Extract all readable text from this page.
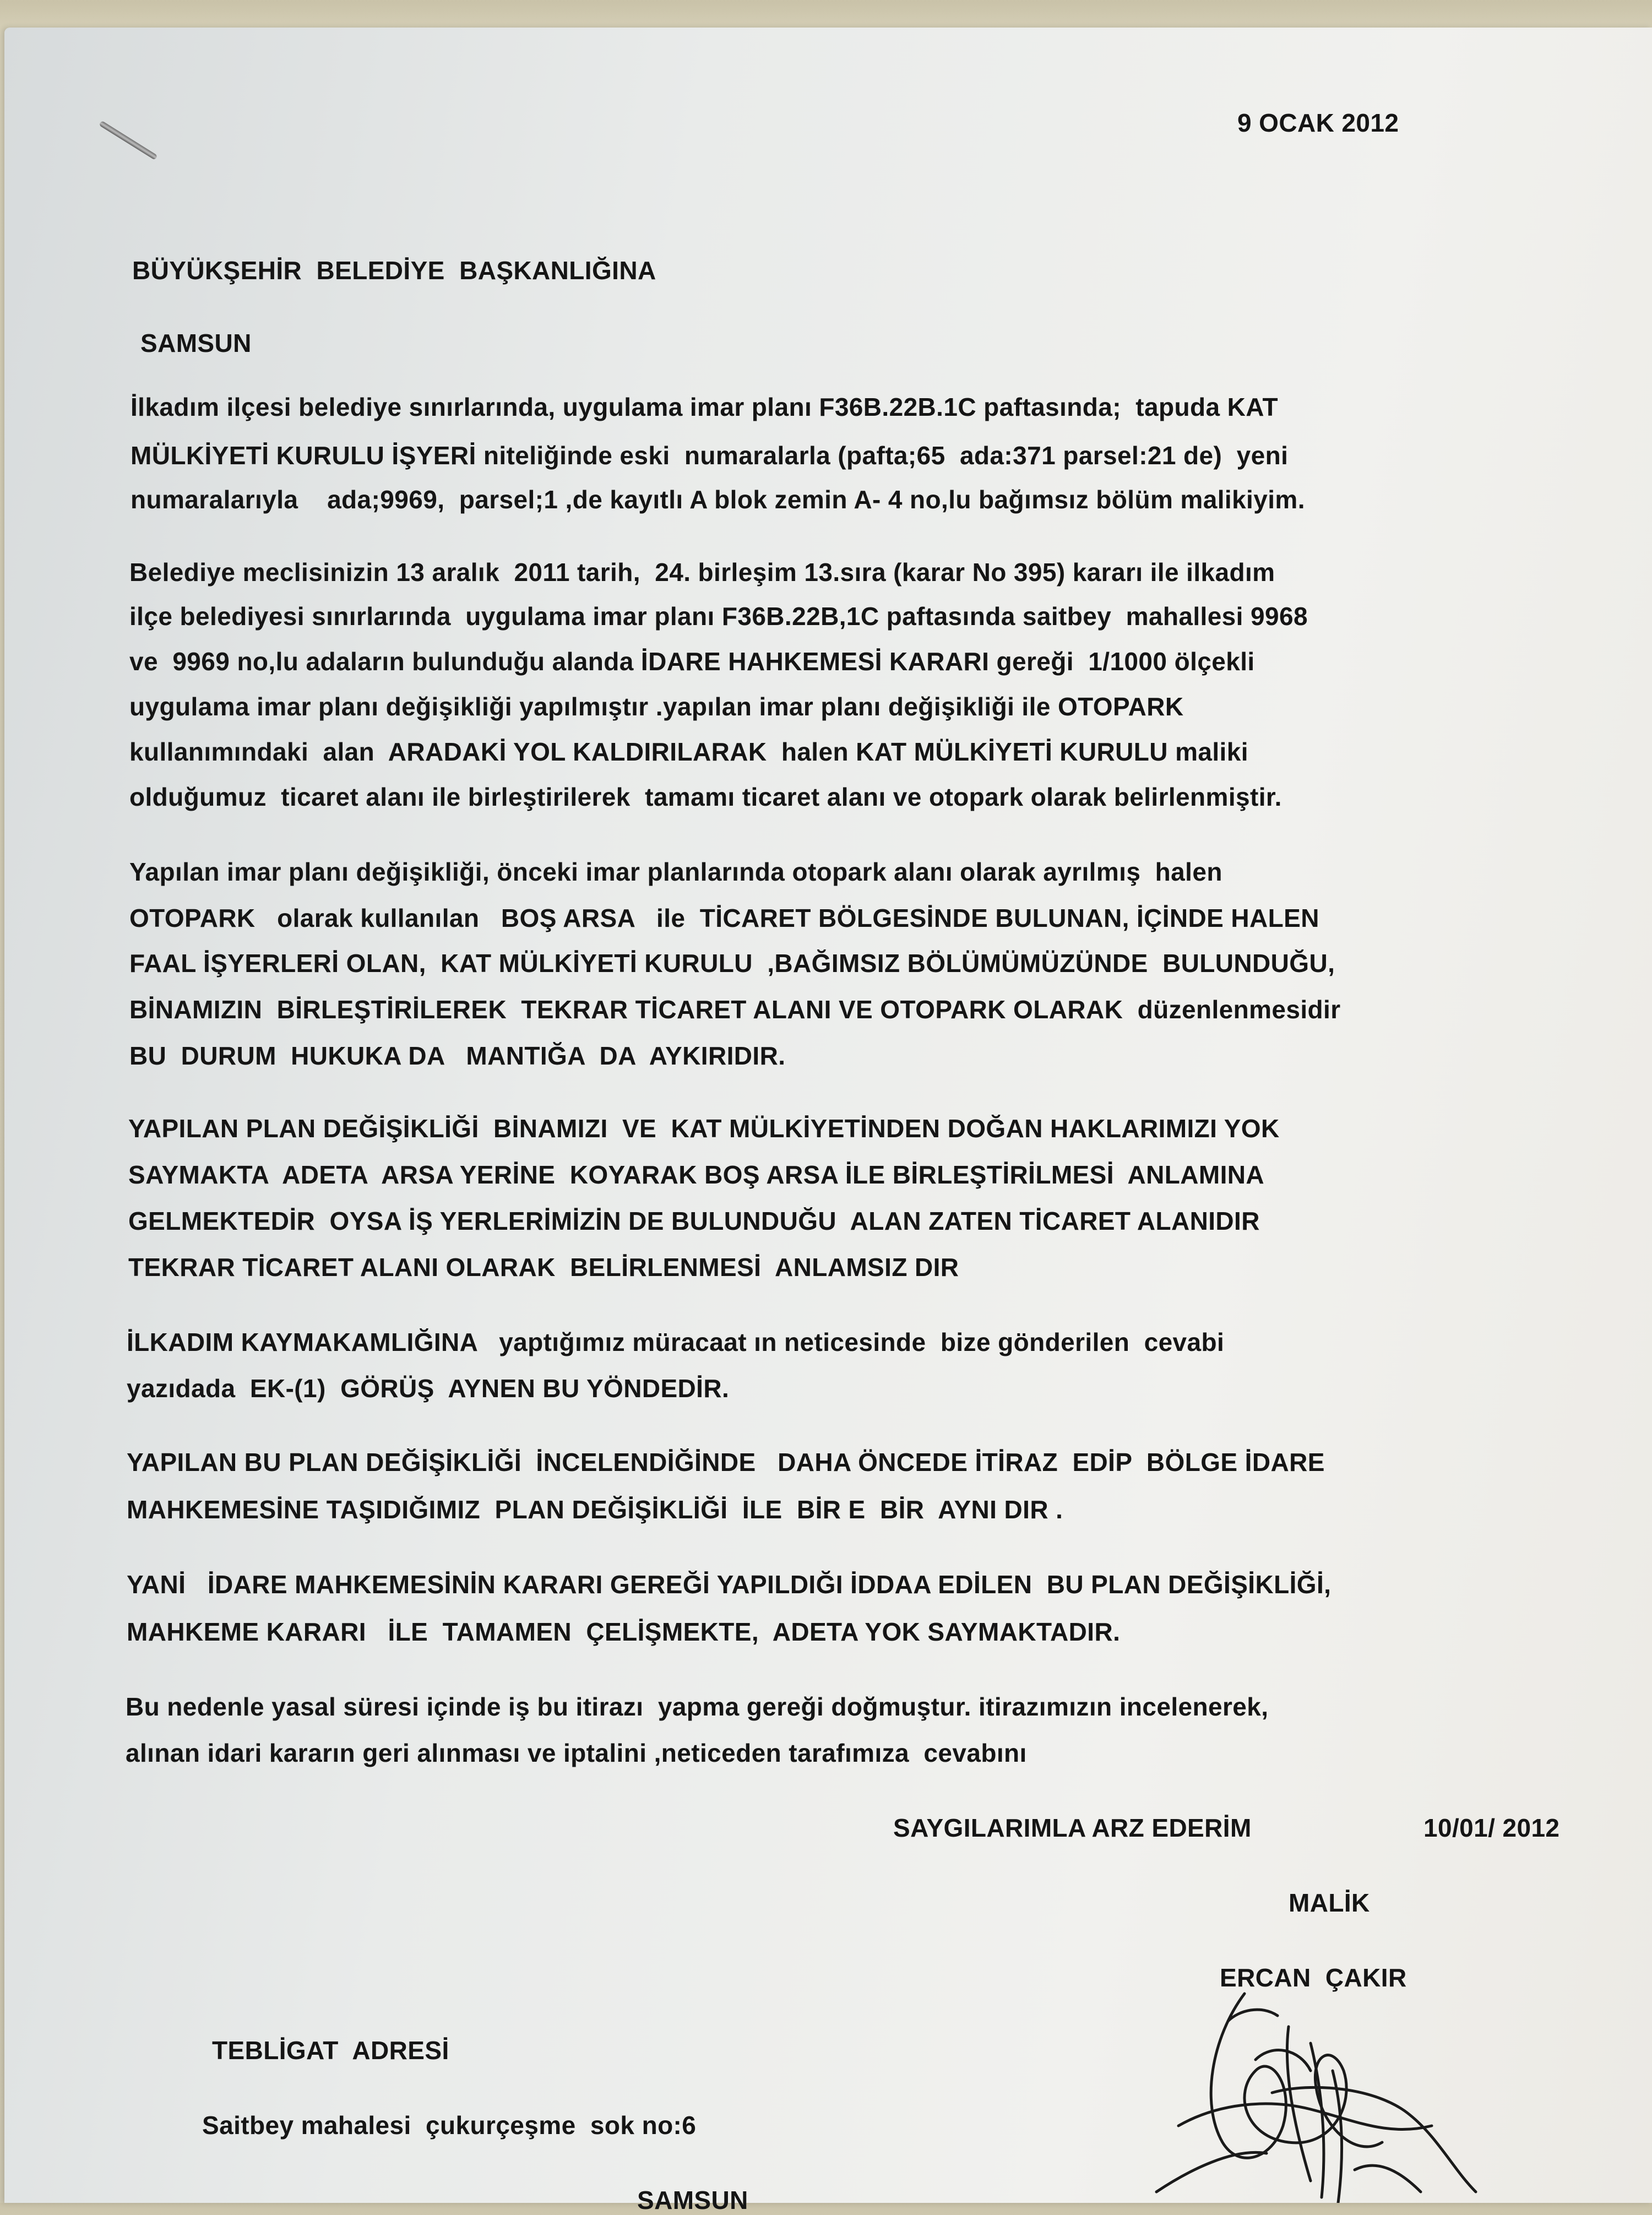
9 OCAK 2012
BÜYÜKŞEHİR  BELEDİYE  BAŞKANLIĞINA
SAMSUN
İlkadım ilçesi belediye sınırlarında, uygulama imar planı F36B.22B.1C paftasında;  tapuda KAT
MÜLKİYETİ KURULU İŞYERİ niteliğinde eski  numaralarla (pafta;65  ada:371 parsel:21 de)  yeni
numaralarıyla    ada;9969,  parsel;1 ,de kayıtlı A blok zemin A- 4 no,lu bağımsız bölüm malikiyim.
Belediye meclisinizin 13 aralık  2011 tarih,  24. birleşim 13.sıra (karar No 395) kararı ile ilkadım
ilçe belediyesi sınırlarında  uygulama imar planı F36B.22B,1C paftasında saitbey  mahallesi 9968
ve  9969 no,lu adaların bulunduğu alanda İDARE HAHKEMESİ KARARI gereği  1/1000 ölçekli
uygulama imar planı değişikliği yapılmıştır .yapılan imar planı değişikliği ile OTOPARK
kullanımındaki  alan  ARADAKİ YOL KALDIRILARAK  halen KAT MÜLKİYETİ KURULU maliki
olduğumuz  ticaret alanı ile birleştirilerek  tamamı ticaret alanı ve otopark olarak belirlenmiştir.
Yapılan imar planı değişikliği, önceki imar planlarında otopark alanı olarak ayrılmış  halen
OTOPARK   olarak kullanılan   BOŞ ARSA   ile  TİCARET BÖLGESİNDE BULUNAN, İÇİNDE HALEN
FAAL İŞYERLERİ OLAN,  KAT MÜLKİYETİ KURULU  ,BAĞIMSIZ BÖLÜMÜMÜZÜNDE  BULUNDUĞU,
BİNAMIZIN  BİRLEŞTİRİLEREK  TEKRAR TİCARET ALANI VE OTOPARK OLARAK  düzenlenmesidir
BU  DURUM  HUKUKA DA   MANTIĞA  DA  AYKIRIDIR.
YAPILAN PLAN DEĞİŞİKLİĞİ  BİNAMIZI  VE  KAT MÜLKİYETİNDEN DOĞAN HAKLARIMIZI YOK
SAYMAKTA  ADETA  ARSA YERİNE  KOYARAK BOŞ ARSA İLE BİRLEŞTİRİLMESİ  ANLAMINA
GELMEKTEDİR  OYSA İŞ YERLERİMİZİN DE BULUNDUĞU  ALAN ZATEN TİCARET ALANIDIR
TEKRAR TİCARET ALANI OLARAK  BELİRLENMESİ  ANLAMSIZ DIR
İLKADIM KAYMAKAMLIĞINA   yaptığımız müracaat ın neticesinde  bize gönderilen  cevabi
yazıdada  EK-(1)  GÖRÜŞ  AYNEN BU YÖNDEDİR.
YAPILAN BU PLAN DEĞİŞİKLİĞİ  İNCELENDİĞİNDE   DAHA ÖNCEDE İTİRAZ  EDİP  BÖLGE İDARE
MAHKEMESİNE TAŞIDIĞIMIZ  PLAN DEĞİŞİKLİĞİ  İLE  BİR E  BİR  AYNI DIR .
YANİ   İDARE MAHKEMESİNİN KARARI GEREĞİ YAPILDIĞI İDDAA EDİLEN  BU PLAN DEĞİŞİKLİĞİ,
MAHKEME KARARI   İLE  TAMAMEN  ÇELİŞMEKTE,  ADETA YOK SAYMAKTADIR.
Bu nedenle yasal süresi içinde iş bu itirazı  yapma gereği doğmuştur. itirazımızın incelenerek,
alınan idari kararın geri alınması ve iptalini ,neticeden tarafımıza  cevabını
SAYGILARIMLA ARZ EDERİM	10/01/ 2012
MALİK
ERCAN  ÇAKIR
TEBLİGAT  ADRESİ
Saitbey mahalesi  çukurçeşme  sok no:6
SAMSUN
